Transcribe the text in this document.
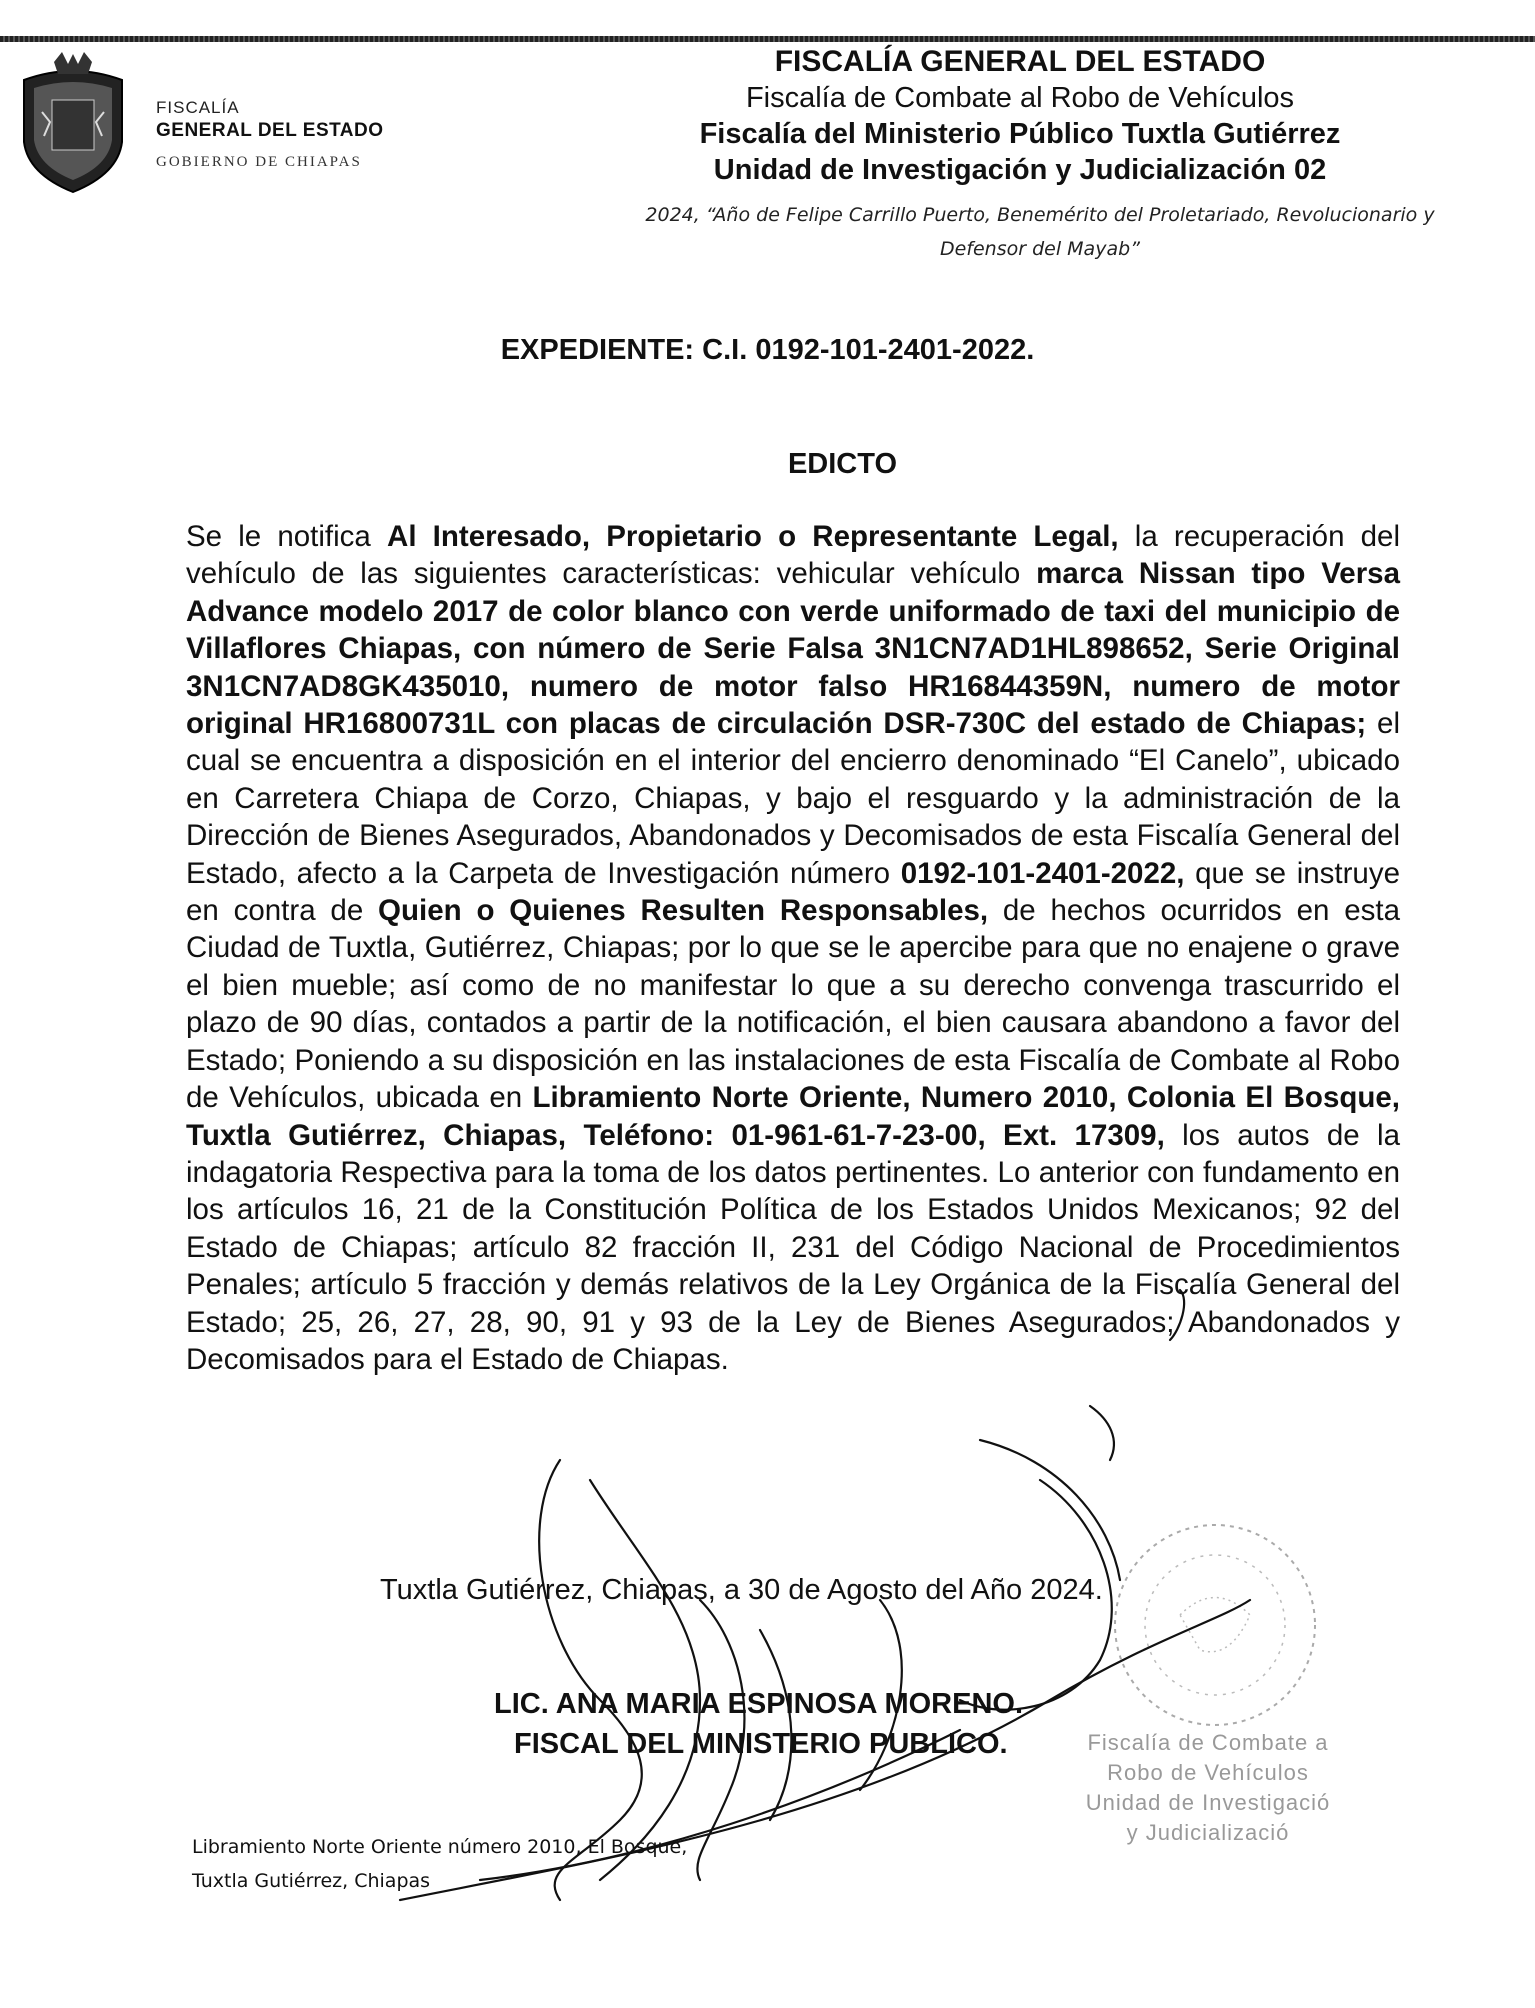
FISCALÍA
GENERAL DEL ESTADO
GOBIERNO DE CHIAPAS
FISCALÍA GENERAL DEL ESTADO
Fiscalía de Combate al Robo de Vehículos
Fiscalía del Ministerio Público Tuxtla Gutiérrez
Unidad de Investigación y Judicialización 02
2024, “Año de Felipe Carrillo Puerto, Benemérito del Proletariado, Revolucionario y
Defensor del Mayab”
EXPEDIENTE: C.I. 0192-101-2401-2022.
EDICTO
Se le notifica Al Interesado, Propietario o Representante Legal, la recuperación del vehículo de las siguientes características: vehicular vehículo marca Nissan tipo Versa Advance modelo 2017 de color blanco con verde uniformado de taxi del municipio de Villaflores Chiapas, con número de Serie Falsa 3N1CN7AD1HL898652, Serie Original 3N1CN7AD8GK435010, numero de motor falso HR16844359N, numero de motor original HR16800731L con placas de circulación DSR-730C del estado de Chiapas; el cual se encuentra a disposición en el interior del encierro denominado “El Canelo”, ubicado en Carretera Chiapa de Corzo, Chiapas, y bajo el resguardo y la administración de la Dirección de Bienes Asegurados, Abandonados y Decomisados de esta Fiscalía General del Estado, afecto a la Carpeta de Investigación número 0192-101-2401-2022, que se instruye en contra de Quien o Quienes Resulten Responsables, de hechos ocurridos en esta Ciudad de Tuxtla, Gutiérrez, Chiapas; por lo que se le apercibe para que no enajene o grave el bien mueble; así como de no manifestar lo que a su derecho convenga trascurrido el plazo de 90 días, contados a partir de la notificación, el bien causara abandono a favor del Estado; Poniendo a su disposición en las instalaciones de esta Fiscalía de Combate al Robo de Vehículos, ubicada en Libramiento Norte Oriente, Numero 2010, Colonia El Bosque, Tuxtla Gutiérrez, Chiapas, Teléfono: 01-961-61-7-23-00, Ext. 17309, los autos de la indagatoria Respectiva para la toma de los datos pertinentes. Lo anterior con fundamento en los artículos 16, 21 de la Constitución Política de los Estados Unidos Mexicanos; 92 del Estado de Chiapas; artículo 82 fracción II, 231 del Código Nacional de Procedimientos Penales; artículo 5 fracción y demás relativos de la Ley Orgánica de la Fiscalía General del Estado; 25, 26, 27, 28, 90, 91 y 93 de la Ley de Bienes Asegurados; Abandonados y Decomisados para el Estado de Chiapas.
Tuxtla Gutiérrez, Chiapas, a 30 de Agosto del Año 2024.
LIC. ANA MARIA ESPINOSA MORENO.
FISCAL DEL MINISTERIO PUBLICO.	Fiscalía de Combate a
Robo de Vehículos
Unidad de Investigació
y Judicializació
Libramiento Norte Oriente número 2010, El Bosque,
Tuxtla Gutiérrez, Chiapas
